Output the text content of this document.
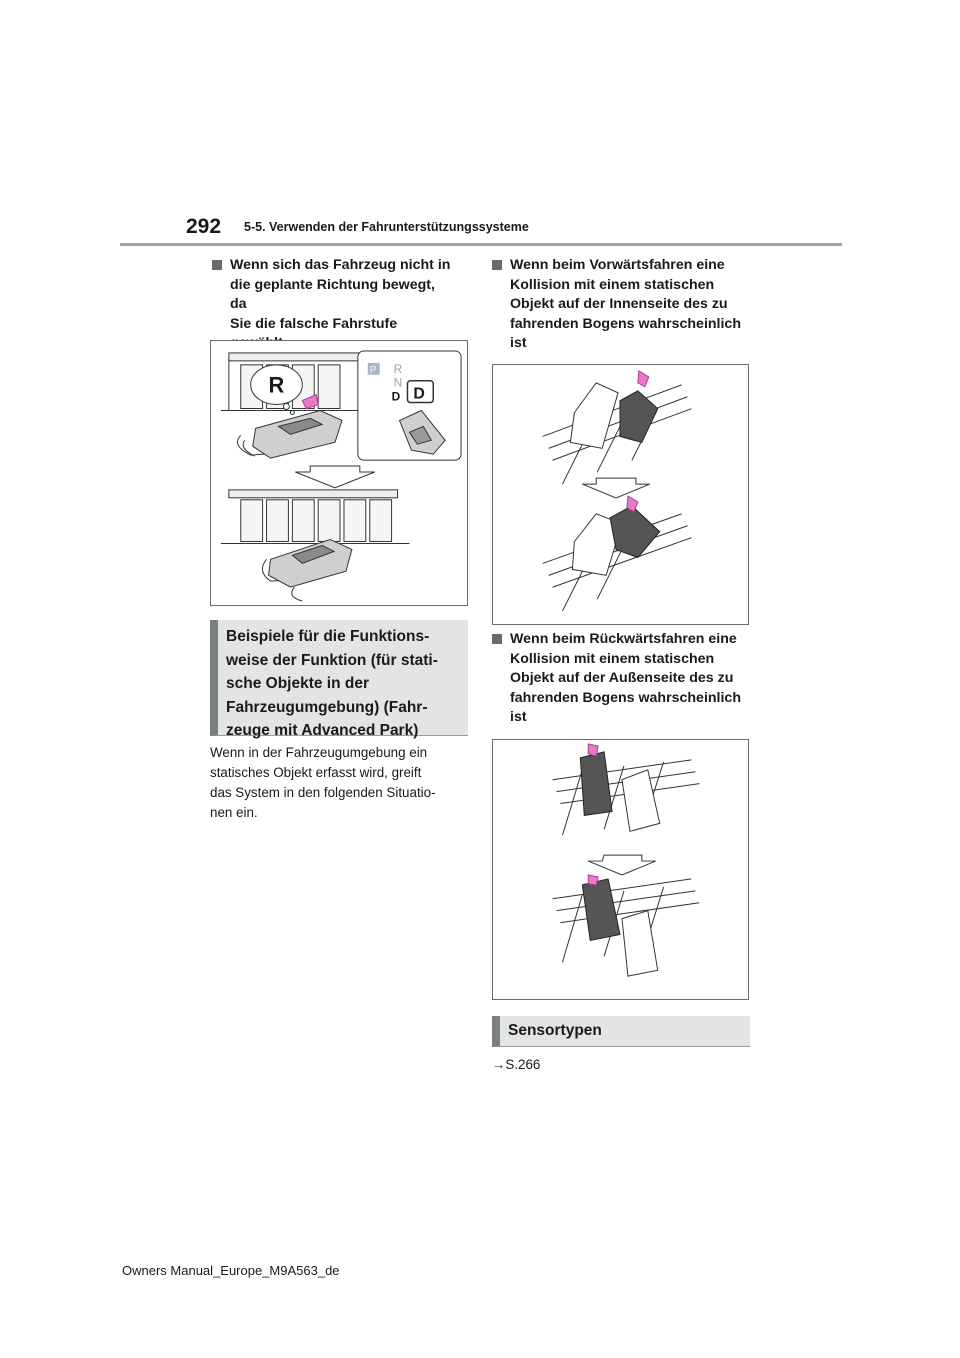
292 5-5. Verwenden der Fahrunterstützungssysteme
Wenn sich das Fahrzeug nicht in
die geplante Richtung bewegt, da
Sie die falsche Fahrstufe

R
P R
N
D D
Beispiele für die Funktions-
weise der Funktion (für stati-
sche Objekte in der
Fahrzeugumgebung) (Fahr-
zeuge mit Advanced Park)
Wenn in der Fahrzeugumgebung ein
statisches Objekt erfasst wird, greift
das System in den folgenden Situatio-
nen ein.
Wenn beim Vorwärtsfahren eine
Kollision mit einem statischen
Objekt auf der Innenseite des zu
fahrenden Bogens wahrscheinlich
ist
Wenn beim Rückwärtsfahren eine
Kollision mit einem statischen
Objekt auf der Außenseite des zu
fahrenden Bogens wahrscheinlich
ist
Sensortypen
→S.266
Owners Manual_Europe_M9A563_de
